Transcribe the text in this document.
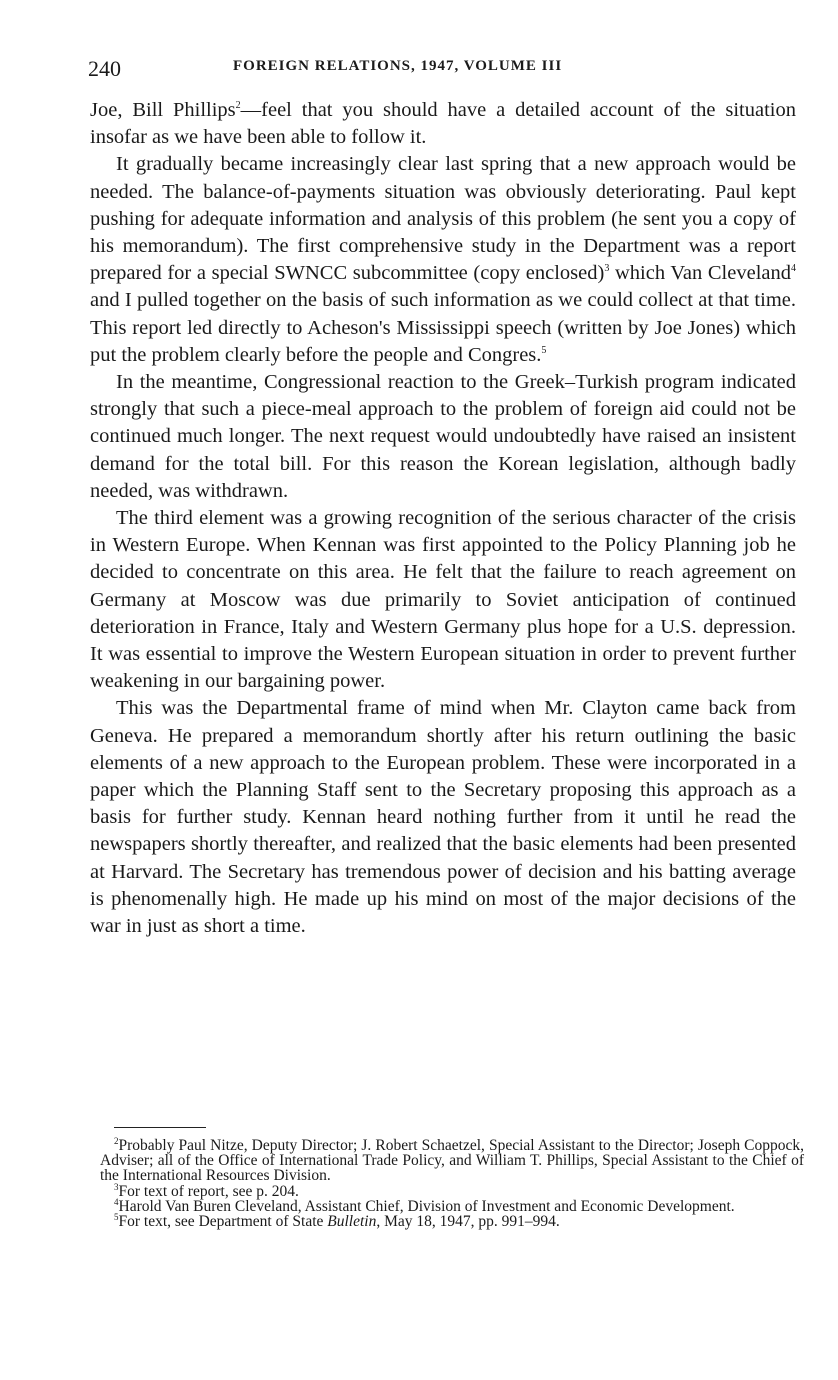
240	FOREIGN RELATIONS, 1947, VOLUME III

Joe, Bill Phillips$^2$—feel that you should have a detailed account of the situation insofar as we have been able to follow it.

It gradually became increasingly clear last spring that a new approach would be needed. The balance-of-payments situation was obviously deteriorating. Paul kept pushing for adequate information and analysis of this problem (he sent you a copy of his memorandum). The first comprehensive study in the Department was a report prepared for a special SWNCC subcommittee (copy enclosed)$^3$ which Van Cleveland$^4$ and I pulled together on the basis of such information as we could collect at that time. This report led directly to Acheson's Mississippi speech (written by Joe Jones) which put the problem clearly before the people and Congres.$^5$

In the meantime, Congressional reaction to the Greek–Turkish program indicated strongly that such a piece-meal approach to the problem of foreign aid could not be continued much longer. The next request would undoubtedly have raised an insistent demand for the total bill. For this reason the Korean legislation, although badly needed, was withdrawn.

The third element was a growing recognition of the serious character of the crisis in Western Europe. When Kennan was first appointed to the Policy Planning job he decided to concentrate on this area. He felt that the failure to reach agreement on Germany at Moscow was due primarily to Soviet anticipation of continued deterioration in France, Italy and Western Germany plus hope for a U.S. depression. It was essential to improve the Western European situation in order to prevent further weakening in our bargaining power.

This was the Departmental frame of mind when Mr. Clayton came back from Geneva. He prepared a memorandum shortly after his return outlining the basic elements of a new approach to the European problem. These were incorporated in a paper which the Planning Staff sent to the Secretary proposing this approach as a basis for further study. Kennan heard nothing further from it until he read the newspapers shortly thereafter, and realized that the basic elements had been presented at Harvard. The Secretary has tremendous power of decision and his batting average is phenomenally high. He made up his mind on most of the major decisions of the war in just as short a time.

$^2$Probably Paul Nitze, Deputy Director; J. Robert Schaetzel, Special Assistant to the Director; Joseph Coppock, Adviser; all of the Office of International Trade Policy, and William T. Phillips, Special Assistant to the Chief of the International Resources Division.

$^3$For text of report, see p. 204.

$^4$Harold Van Buren Cleveland, Assistant Chief, Division of Investment and Economic Development.

$^5$For text, see Department of State Bulletin, May 18, 1947, pp. 991–994.
